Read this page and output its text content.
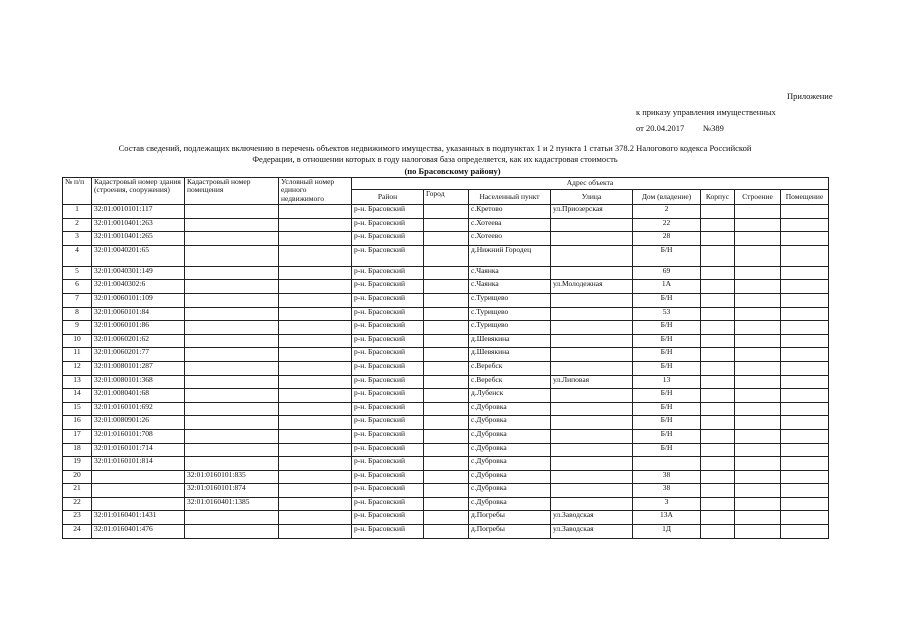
Приложение
к приказу управления имущественных
от 20.04.2017 №389
Состав сведений, подлежащих включению в перечень объектов недвижимого имущества, указанных в подпунктах 1 и 2 пункта 1 статьи 378.2 Налогового кодекса Российской Федерации, в отношении которых в году налоговая база определяется, как их кадастровая стоимость
(по Брасовскому району)
№ п/п	Кадастровый номер здания (строения, сооружения)	Кадастровый номер помещения	Условный номер единого недвижимого	Адрес объекта							
				Район	Город	Населенный пункт	Улица	Дом (владение)	Корпус	Строение	Помещение
1	32:01:0010101:117			р-н. Брасовский		с.Кретово	ул.Приозерская	2			
2	32:01:0010401:263			р-н. Брасовский		с.Хотеева		22			
3	32:01:0010401:265			р-н. Брасовский		с.Хотеево		28			
4	32:01:0040201:65			р-н. Брасовский		д.Нижний Городец		Б/Н			
5	32:01:0040301:149			р-н. Брасовский		с.Чаянка		69			
6	32:01:0040302:6			р-н. Брасовский		с.Чаянка	ул.Молодежная	1А			
7	32:01:0060101:109			р-н. Брасовский		с.Турищево		Б/Н			
8	32:01:0060101:84			р-н. Брасовский		с.Турищево		53			
9	32:01:0060101:86			р-н. Брасовский		с.Турищево		Б/Н			
10	32:01:0060201:62			р-н. Брасовский		д.Шевякина		Б/Н			
11	32:01:0060201:77			р-н. Брасовский		д.Шевякина		Б/Н			
12	32:01:0080101:287			р-н. Брасовский		с.Веребск		Б/Н			
13	32:01:0080101:368			р-н. Брасовский		с.Веребск	ул.Липовая	13			
14	32:01:0080401:68			р-н. Брасовский		д.Лубенск		Б/Н			
15	32:01:0160101:692			р-н. Брасовский		с.Дубровка		Б/Н			
16	32:01:0080901:26			р-н. Брасовский		с.Дубровка		Б/Н			
17	32:01:0160101:708			р-н. Брасовский		с.Дубровка		Б/Н			
18	32:01:0160101:714			р-н. Брасовский		с.Дубровка		Б/Н			
19	32:01:0160101:814			р-н. Брасовский		с.Дубровка					
20		32:01:0160101:835		р-н. Брасовский		с.Дубровка		38			
21		32:01:0160101:874		р-н. Брасовский		с.Дубровка		38			
22		32:01:0160401:1385		р-н. Брасовский		с.Дубровка		3			
23	32:01:0160401:1431			р-н. Брасовский		д.Погребы	ул.Заводская	13А			
24	32:01:0160401:476			р-н. Брасовский		д.Погребы	ул.Заводская	1Д			
